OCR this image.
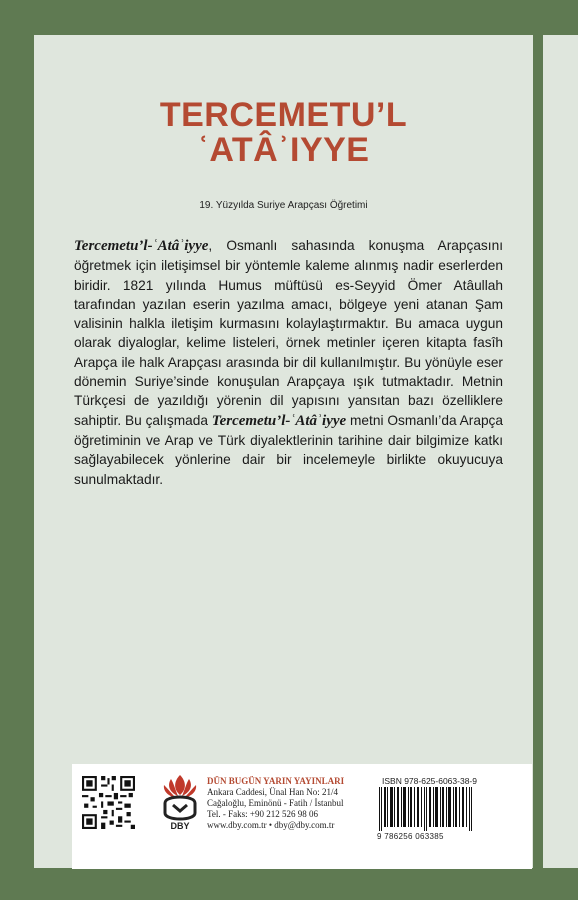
TERCEMETU’L
ʿATÂʾIYYE
19. Yüzyılda Suriye Arapçası Öğretimi
Tercemetu’l-ʿAtâʾiyye, Osmanlı sahasında konuşma Arapçasını öğretmek için iletişimsel bir yöntemle kaleme alınmış nadir eserlerden biridir. 1821 yılında Humus müftüsü es-Seyyid Ömer Atâullah tarafından yazılan eserin yazılma amacı, bölgeye yeni atanan Şam valisinin halkla iletişim kurmasını kolaylaştırmaktır. Bu amaca uygun olarak diyaloglar, kelime listeleri, örnek metinler içeren kitapta fasîh Arapça ile halk Arapçası arasında bir dil kullanılmıştır. Bu yönüyle eser dönemin Suriye’sinde konuşulan Arapçaya ışık tutmaktadır. Metnin Türkçesi de yazıldığı yörenin dil yapısını yansıtan bazı özelliklere sahiptir. Bu çalışmada Tercemetu’l-ʿAtâʾiyye metni Osmanlı’da Arapça öğretiminin ve Arap ve Türk diyalektlerinin tarihine dair bilgimize katkı sağlayabilecek yönlerine dair bir incelemeyle birlikte okuyucuya sunulmaktadır.
DBY
DÜN BUGÜN YARIN YAYINLARI
Ankara Caddesi, Ünal Han No: 21/4
Cağaloğlu, Eminönü - Fatih / İstanbul
Tel. - Faks: +90 212 526 98 06
www.dby.com.tr • dby@dby.com.tr
ISBN 978-625-6063-38-9
9 786256 063385
